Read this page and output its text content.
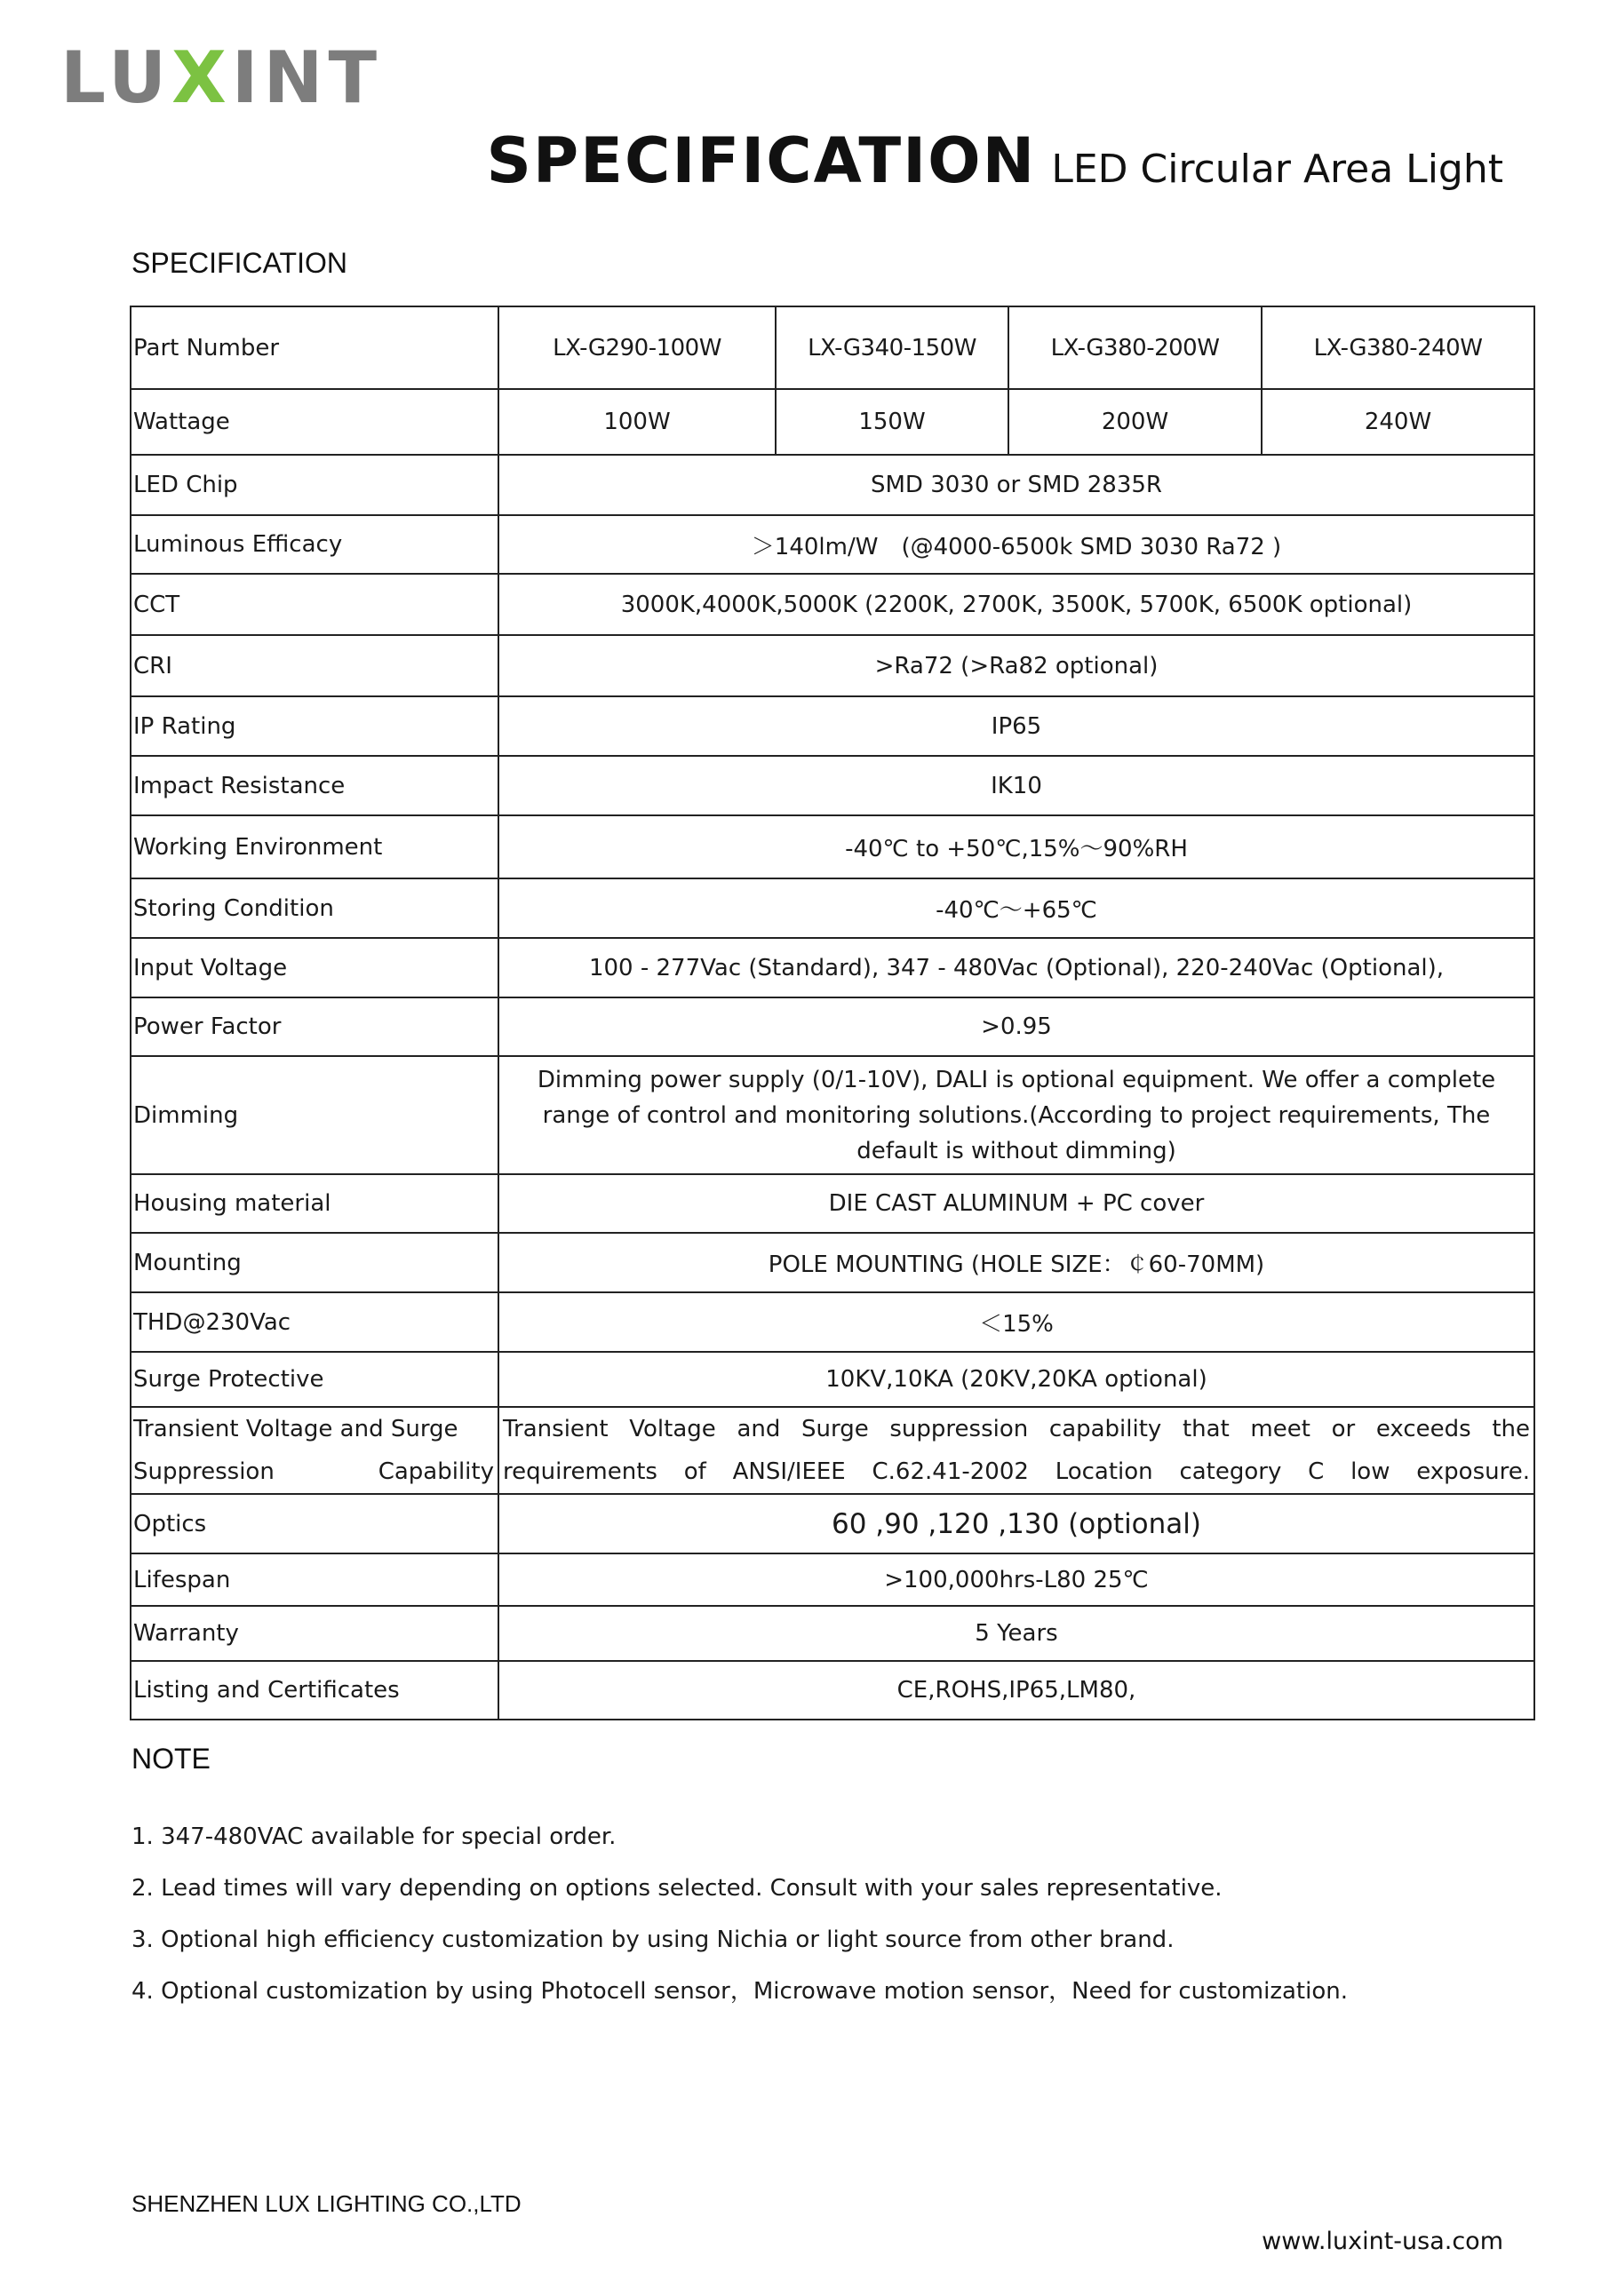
LUXINT
SPECIFICATION LED Circular Area Light
SPECIFICATION
Part Number	LX-G290-100W	LX-G340-150W	LX-G380-200W	LX-G380-240W
Wattage	100W	150W	200W	240W
LED Chip	SMD 3030 or SMD 2835R			
Luminous Efficacy	＞140lm/W　(@4000-6500k SMD 3030 Ra72 )			
CCT	3000K,4000K,5000K (2200K, 2700K, 3500K, 5700K, 6500K optional)			
CRI	>Ra72 (>Ra82 optional)			
IP Rating	IP65			
Impact Resistance	IK10			
Working Environment	-40℃ to +50℃,15%～90%RH			
Storing Condition	-40℃～+65℃			
Input Voltage	100 - 277Vac (Standard), 347 - 480Vac (Optional), 220-240Vac (Optional),			
Power Factor	>0.95			
Dimming	Dimming power supply (0/1-10V), DALI is optional equipment. We offer a complete range of control and monitoring solutions.(According to project requirements, The default is without dimming)			
Housing material	DIE CAST ALUMINUM + PC cover			
Mounting	POLE MOUNTING (HOLE SIZE：￠60-70MM)			
THD@230Vac	＜15%			
Surge Protective	10KV,10KA (20KV,20KA optional)			
Transient Voltage and Surge Suppression Capability	Transient Voltage and Surge suppression capability that meet or exceeds the requirements of ANSI/IEEE C.62.41-2002 Location category C low exposure.			
Optics	60 ,90 ,120 ,130 (optional)			
Lifespan	>100,000hrs-L80 25℃			
Warranty	5 Years			
Listing and Certificates	CE,ROHS,IP65,LM80,			
NOTE
1. 347-480VAC available for special order.
2. Lead times will vary depending on options selected. Consult with your sales representative.
3. Optional high efficiency customization by using Nichia or light source from other brand.
4. Optional customization by using Photocell sensor，Microwave motion sensor，Need for customization.
SHENZHEN LUX LIGHTING CO.,LTD
www.luxint-usa.com
